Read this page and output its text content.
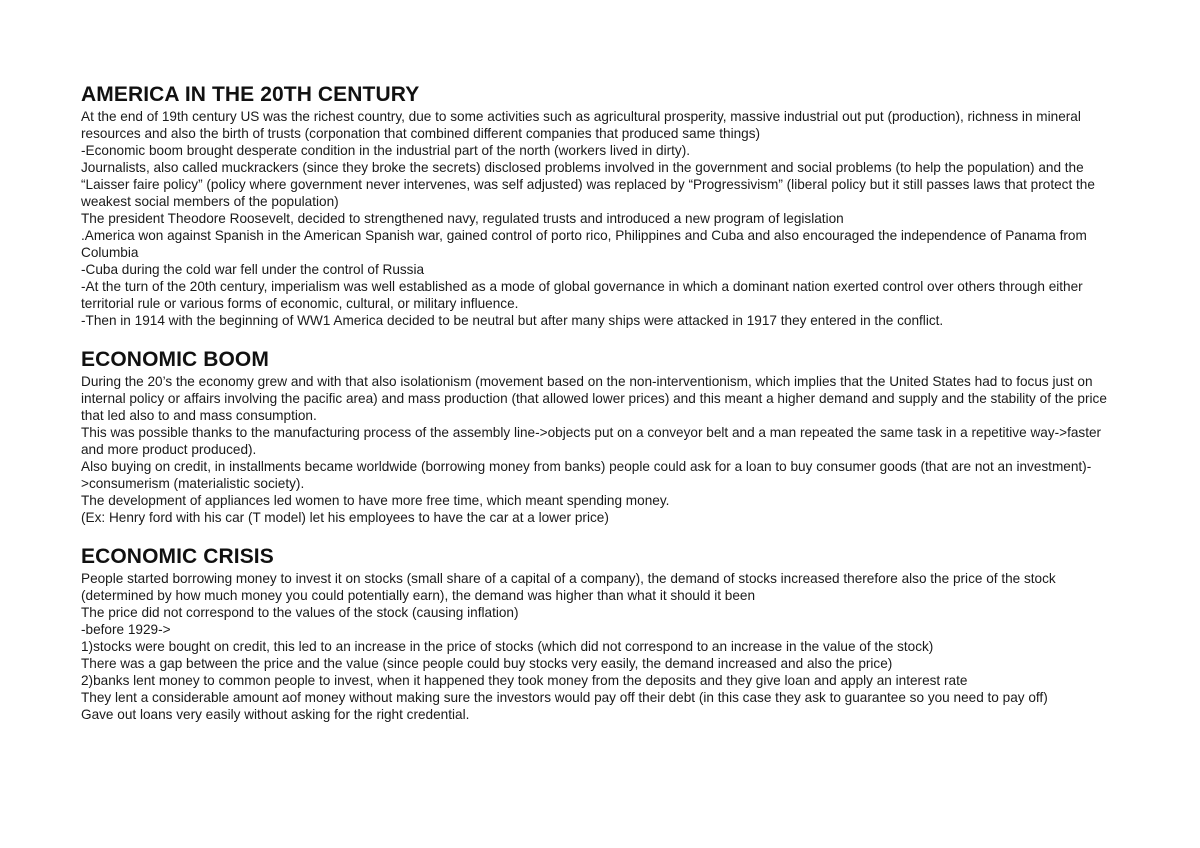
AMERICA IN THE 20TH CENTURY

At the end of 19th century US was the richest country, due to some activities such as agricultural prosperity, massive industrial out put (production), richness in mineral resources and also the birth of trusts (corponation that combined different companies that produced same things)

-Economic boom brought desperate condition in the industrial part of the north (workers lived in dirty).

Journalists, also called muckrackers (since they broke the secrets) disclosed problems involved in the government and social problems (to help the population) and the “Laisser faire policy” (policy where government never intervenes, was self adjusted) was replaced by “Progressivism” (liberal policy but it still passes laws that protect the weakest social members of the population)

The president Theodore Roosevelt, decided to strengthened navy, regulated trusts and introduced a new program of legislation

.America won against Spanish in the American Spanish war, gained control of porto rico, Philippines and Cuba and also encouraged the independence of Panama from Columbia

-Cuba during the cold war fell under the control of Russia

-At the turn of the 20th century, imperialism was well established as a mode of global governance in which a dominant nation exerted control over others through either territorial rule or various forms of economic, cultural, or military influence.

-Then in 1914 with the beginning of WW1 America decided to be neutral but after many ships were attacked in 1917 they entered in the conflict.

ECONOMIC BOOM

During the 20’s the economy grew and with that also isolationism (movement based on the non-interventionism, which implies that the United States had to focus just on internal policy or affairs involving the pacific area) and mass production (that allowed lower prices) and this meant a higher demand and supply and the stability of the price that led also to and mass consumption.

This was possible thanks to the manufacturing process of the assembly line->objects put on a conveyor belt and a man repeated the same task in a repetitive way->faster and more product produced).

Also buying on credit, in installments became worldwide (borrowing money from banks) people could ask for a loan to buy consumer goods (that are not an investment)->consumerism (materialistic society).

The development of appliances led women to have more free time, which meant spending money.

(Ex: Henry ford with his car (T model) let his employees to have the car at a lower price)

ECONOMIC CRISIS

People started borrowing money to invest it on stocks (small share of a capital of a company), the demand of stocks increased therefore also the price of the stock (determined by how much money you could potentially earn), the demand was higher than what it should it been

The price did not correspond to the values of the stock (causing inflation)

-before 1929->

1)stocks were bought on credit, this led to an increase in the price of stocks (which did not correspond to an increase in the value of the stock)

There was a gap between the price and the value (since people could buy stocks very easily, the demand increased and also the price)

2)banks lent money to common people to invest, when it happened they took money from the deposits and they give loan and apply an interest rate

They lent a considerable amount aof money without making sure the investors would pay off their debt (in this case they ask to guarantee so you need to pay off)

Gave out loans very easily without asking for the right credential.
